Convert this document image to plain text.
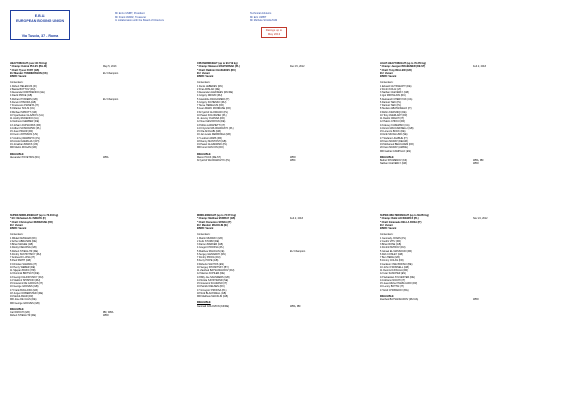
E.B.U.
EUROPEAN BOXING UNION
Via Tuscia, 37 - Roma
Mr Enzo UMBT, President
Mr Frank WARZ, Treasurer
In collaboration with the Board of Directors
Technical Advisors
Mr Eric UMBT
Mr Michele SCHALTAM
Ratings up to
May 2013
HEAVYWEIGHT (over 90.719 kg)
* Champ: Kubrat PULEV (BG-M)	May 5, 2013
* Chall: Tyson FURY (GB)
EU Mandat: TOMMERSSON (UK)	EU Champion
EBDB: Vacant
Contenders:
1 Robert HELENIUS (FI)
2 Bastia BOTTOV (RU)
3 Alexander DIMITRENKO (GE)
4 David PRICE (GB)
5 Richard TOWERS (GB)	EU Champion
6 Derek CHISORA (GB)
7 Francesco PIANETA (IT)
8 Odlanier SOLIS (CU)
9 Michael SPROTT (GB)
10 Vyacheslav GLAZKOV (UA)
11 Andriy RUDENKO (UA)
12 Edmund GERBER (DE)
13 Johann DUHAUPAS (FR)
14 Albert SOSNOWSKI (PL)
15 Juan PIDAIR (FR)
16 Kevin JOHNSON (US)
17 Andrzej WAWRZYK (PL)
18 Arnold GJERGJAJ (CH)
19 Jonathan BANKS (US)
MR Martin ROGAN (GB)
INELIGIBLE
Alexander POVETKIN (RU)	WBA
CRUISERWEIGHT (up to 90.719 kg)
* Champ: Mateusz MASTERNAK (PL)	Dec 15, 2012
* Chall: Rakhim CHAKHKIEV (RU)
EU: Vacant
EBDB: Vacant
Contenders:
1 Denis LEBEDEV (RU)
2 Firat ARSLAN (DE)
3 Alexander ALEKSEEV (RU/DE)
4 Grigory DROZD (RU)
5 Giacobbe FRAGOMENI (IT)
6 Grigory KICHENKO (RU)
7 Steve HERELIUS (FR)
8 Jean MARC MONRASE (FR)
9 Krzysztof GLOWACKI (PL)
10 Pawel KOLODZIEJ (PL)
11 Jeremy OUANNA (FR)
12 Noel GEVORYAN (DE)
13 Mirko LARGHETTI (IT)
14 Krzysztof WLODARCZYK (PL)
15 Ola AFOLABI (GB)
16 Jan Lewis DERMINGA (GB)
17 Ludovic ARMS (FR)
18 Danny McINTOSH (GB)
19 Pawel GLAZEWSKI (PL)
MR Ionut DAN ION (RO)
INELIGIBLE
Marco HUCK (DE-ST)	WBO
Krzysztof WLODARCZYK (PL)	WBC
LIGHT-HEAVYWEIGHT (up to 79.379 kg)
* Champ: Juergen BRAEHMER (DE-ST)	Feb 2, 2013
* Chall: Tony BELLEW (GB)
EU: Vacant
EBDB: Vacant
Contenders:
1 Eduard GUTKNECHT (DE)
2 Dmitri KOLAI (LT)
3 Nathan CLEVERLY (GB)
4 Igor MIKHALKIN (RU)
5 Aleksandr CHERVYAK (UA)
6 Dariusz SEK (PL)
7 Dariusz SEK (PL)
8 Stefano ABATANGELO (IT)
9 Robin KRASNIQI (DE)
10 Tony AVERLANT (FR)
11 Danilo CREATI (IT)
12 Hakim CHIOUI (FR)
13 Alexey KUZEMSKI (UA)
14 Enzo MACCARINELLI (GB)
15 Lorenzo BOCK (DE)
16 Erik SKOGLUND (SE)
17 Stefano LIGABUE (IT)
18 Karo MURAT (DE/AM)
19 Mohamed BELKACEM (FR)
20 Karo MURAT (AM/DE)
MR Gabriel CAMPILLO (ES)
INELIGIBLE
Beibut SHUMENOV (KZ)	WBA, IBF
Nathan CLEVERLY (GB)	WBO
SUPER-MIDDLEWEIGHT (up to 76.204 kg)
* EU: Mohamed ALI NDIAYE (F)
* Chall: Christopher REBRASSE (FR)
EU: Vacant
EBDB: Vacant
Contenders:
1 Mikkel KESSLER (DK)
2 Arthur ABRAHAM (DE)
3 Brian MAGEE (GB)
4 Rocky FIELDING (GB)
5 Robert STIEGLITZ (DE)
6 Dmitry SUKHOTSKIY (RU)
7 Andrea DI LUISA (IT)
8 Paul SMITH (GB)
9 Christian SAMARA (IT)
10 Henry WEBER (DE)
11 Stjepan BOZIC (HR)
12 Dominik BRITSCH (DE)
13 Georgi KALINOVSKIY (RU)
14 Vladimir SHISHKIN (RU)
15 Giovanni DE CAROLIS (IT)
16 George GROVES (GB)
17 Frank BUGLIONI (GB)
18 Jurgen DOBERSTEIN (DE)
19 Mehdi AMAR (FR)
MR Jose DE CALS (DE)
MR George GROVES (GB)
INELIGIBLE
Carl FROCH (GB)	IBF, WBA
Robert STIEGLITZ (DE)	WBO
MIDDLEWEIGHT (up to 72.574 kg)
* Champ: Matthew MURRAY (GB)	Feb 2, 2013
* Chall: Domenico SPADA (IT)
EU: Mandat: MACKLIN (IE)
EBDB: Vacant
Contenders:
1 Martin MURRAY (GB)
2 Felix STURM (DE)
3 Darren BARKER (GB)
4 Gregorz PROKSA (PL)
5 Matthew MACKLIN (IE)	EU Champion
6 Sergey GENNADIY (RU)
7 Dmitry PIROG (RU)
8 Kerry HOPE (GB)
9 Roberto SANTOS (ES)
10 Sergey KHOMITSKY (BY)
11 Zaurbek BAYSANGUROV (RU)
12 Marcus KOHLER (DE)
13 Billy Joe SAUNDERS (GB)
14 Nicola SJOSTRAND (SE)
15 Giovanni SCARANO (IT)
16 Patrick NIELSEN (DK)
17 Grzegorz PROKSA (PL)
18 Nick BLACKWELL (GB)
MR Matthew MACKLIN (GB)
INELIGIBLE
Gennadi GOLOVKIN (KZ/DE)	WBA, IBF
SUPER-WELTERWEIGHT (up to 69.853 kg)
* Champ: Rafal JACKIEWICZ (PL)	Nov 24, 2012
* Chall: Emanuele DELLA ROSA (IT)
EU: Vacant
EBDB: Vacant
Contenders:
1 Gennady JONAS (PL)
2 Cedric VITU (FR)
3 Brian ROSE (GB)
4 Dmitrii PETROV (RU)
5 Ismael EL MASSOUDI (FR)
6 Rob CONLEY (GB)
7 Ben HEDE (GB)
8 Jimmy COLAS (FR)
9 Jackson OSEI BONSU (BE)
10 John O'DONNELL (GB)
11 Dennis DJOUALA (FR)
12 Ivan SANCHEZ (ES)
13 Sebastian SYLVESTER (DE)
14 Adriano NICCHI (IT)
15 Jean-Michel HAMILCARO (FR)
16 Lenny BOTTAI (IT)
17 Emil CHOBANOV (BG)
INELIGIBLE
Zaurbek BAYSANGUROV (RU/UA)	WBO
